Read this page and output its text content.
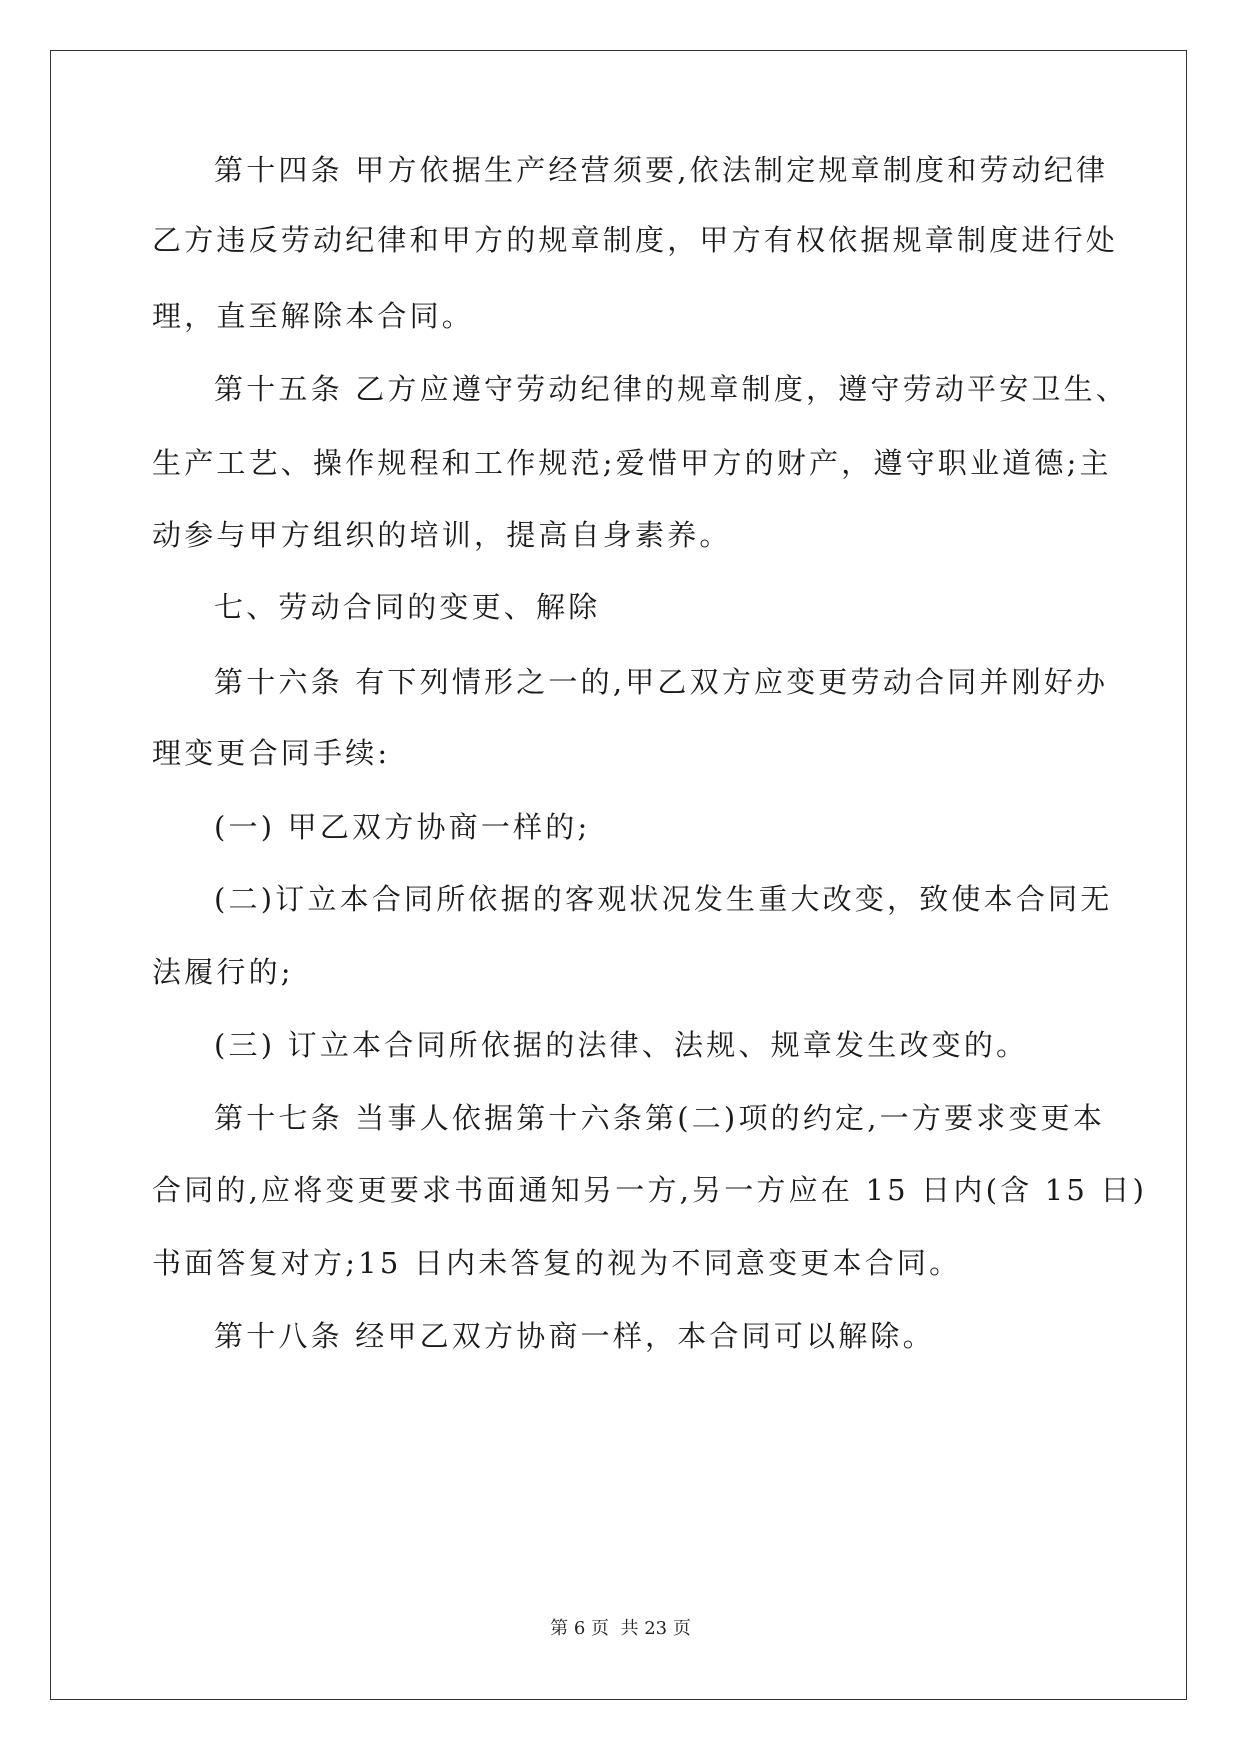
第十四条 甲方依据生产经营须要,依法制定规章制度和劳动纪律
乙方违反劳动纪律和甲方的规章制度，甲方有权依据规章制度进行处
理，直至解除本合同。
第十五条 乙方应遵守劳动纪律的规章制度，遵守劳动平安卫生、
生产工艺、操作规程和工作规范;爱惜甲方的财产，遵守职业道德;主
动参与甲方组织的培训，提高自身素养。
七、劳动合同的变更、解除
第十六条 有下列情形之一的,甲乙双方应变更劳动合同并刚好办
理变更合同手续:
(一) 甲乙双方协商一样的;
(二)订立本合同所依据的客观状况发生重大改变，致使本合同无
法履行的;
(三) 订立本合同所依据的法律、法规、规章发生改变的。
第十七条 当事人依据第十六条第(二)项的约定,一方要求变更本
合同的,应将变更要求书面通知另一方,另一方应在 15 日内(含 15 日)
书面答复对方;15 日内未答复的视为不同意变更本合同。
第十八条 经甲乙双方协商一样，本合同可以解除。
第 6 页  共 23 页
